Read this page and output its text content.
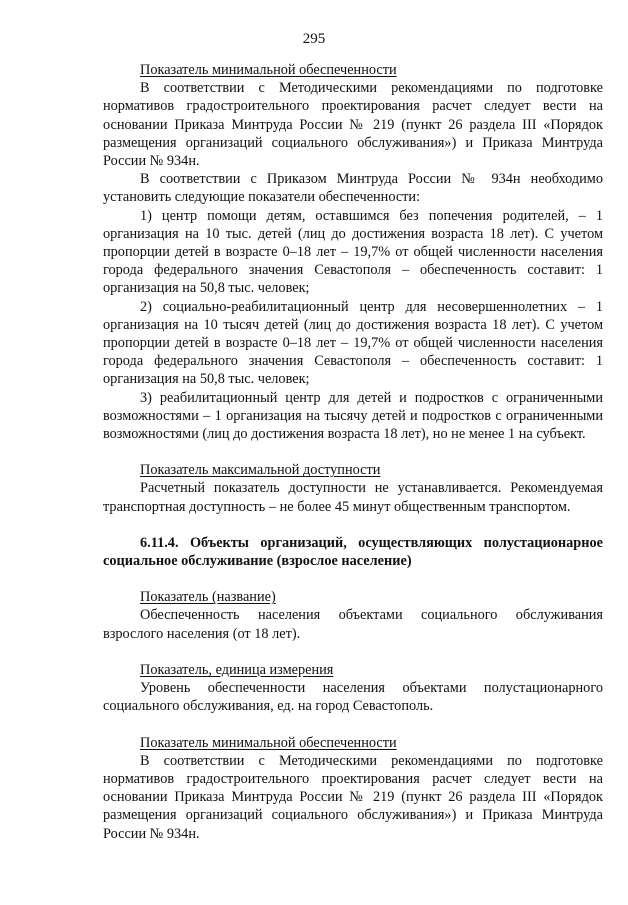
295

Показатель минимальной обеспеченности

В соответствии с Методическими рекомендациями по подготовке нормативов градостроительного проектирования расчет следует вести на основании Приказа Минтруда России № 219 (пункт 26 раздела III «Порядок размещения организаций социального обслуживания») и Приказа Минтруда России № 934н.

В соответствии с Приказом Минтруда России № 934н необходимо установить следующие показатели обеспеченности:

1) центр помощи детям, оставшимся без попечения родителей, – 1 организация на 10 тыс. детей (лиц до достижения возраста 18 лет). С учетом пропорции детей в возрасте 0–18 лет – 19,7% от общей численности населения города федерального значения Севастополя – обеспеченность составит: 1 организация на 50,8 тыс. человек;

2) социально-реабилитационный центр для несовершеннолетних – 1 организация на 10 тысяч детей (лиц до достижения возраста 18 лет). С учетом пропорции детей в возрасте 0–18 лет – 19,7% от общей численности населения города федерального значения Севастополя – обеспеченность составит: 1 организация на 50,8 тыс. человек;

3) реабилитационный центр для детей и подростков с ограниченными возможностями – 1 организация на тысячу детей и подростков с ограниченными возможностями (лиц до достижения возраста 18 лет), но не менее 1 на субъект.

Показатель максимальной доступности

Расчетный показатель доступности не устанавливается. Рекомендуемая транспортная доступность – не более 45 минут общественным транспортом.

6.11.4. Объекты организаций, осуществляющих полустационарное социальное обслуживание (взрослое население)

Показатель (название)

Обеспеченность населения объектами социального обслуживания взрослого населения (от 18 лет).

Показатель, единица измерения

Уровень обеспеченности населения объектами полустационарного социального обслуживания, ед. на город Севастополь.

Показатель минимальной обеспеченности

В соответствии с Методическими рекомендациями по подготовке нормативов градостроительного проектирования расчет следует вести на основании Приказа Минтруда России № 219 (пункт 26 раздела III «Порядок размещения организаций социального обслуживания») и Приказа Минтруда России № 934н.
